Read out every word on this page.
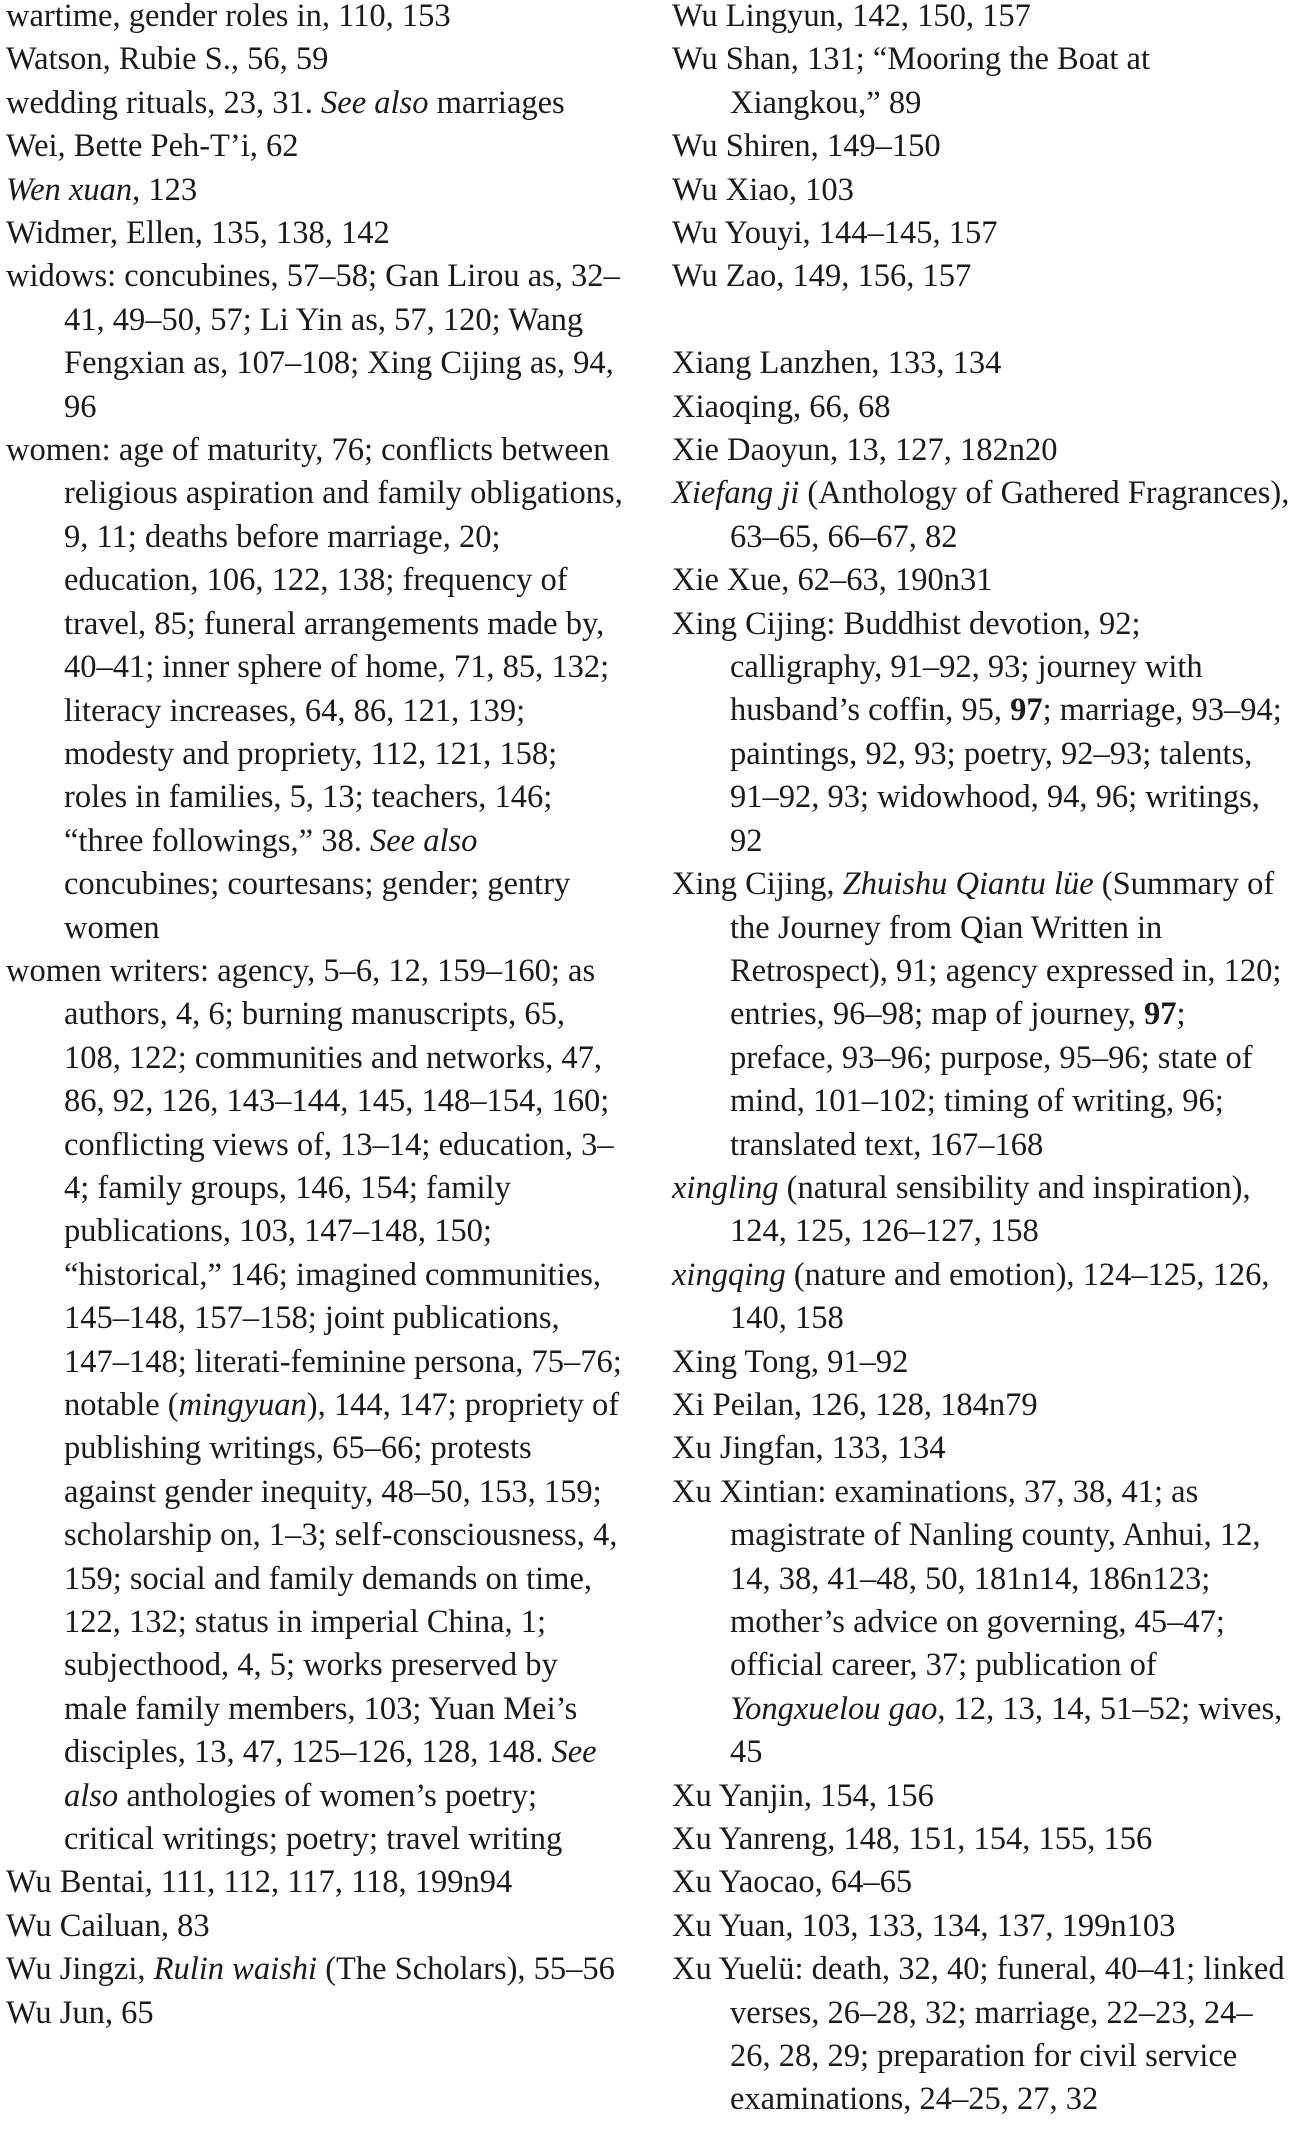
wartime, gender roles in, 110, 153

Watson, Rubie S., 56, 59

wedding rituals, 23, 31. See also marriages

Wei, Bette Peh-T’i, 62

Wen xuan, 123

Widmer, Ellen, 135, 138, 142

widows: concubines, 57–58; Gan Lirou as, 32–41, 49–50, 57; Li Yin as, 57, 120; Wang Fengxian as, 107–108; Xing Cijing as, 94, 96

women: age of maturity, 76; conflicts between religious aspiration and family obligations, 9, 11; deaths before marriage, 20; education, 106, 122, 138; frequency of travel, 85; funeral arrangements made by, 40–41; inner sphere of home, 71, 85, 132; literacy increases, 64, 86, 121, 139; modesty and propriety, 112, 121, 158; roles in families, 5, 13; teachers, 146; “three followings,” 38. See also concubines; courtesans; gender; gentry women

women writers: agency, 5–6, 12, 159–160; as authors, 4, 6; burning manuscripts, 65, 108, 122; communities and networks, 47, 86, 92, 126, 143–144, 145, 148–154, 160; conflicting views of, 13–14; education, 3–4; family groups, 146, 154; family publications, 103, 147–148, 150; “historical,” 146; imagined communities, 145–148, 157–158; joint publications, 147–148; literati-feminine persona, 75–76; notable (mingyuan), 144, 147; propriety of publishing writings, 65–66; protests against gender inequity, 48–50, 153, 159; scholarship on, 1–3; self-consciousness, 4, 159; social and family demands on time, 122, 132; status in imperial China, 1; subjecthood, 4, 5; works preserved by male family members, 103; Yuan Mei’s disciples, 13, 47, 125–126, 128, 148. See also anthologies of women’s poetry; critical writings; poetry; travel writing

Wu Bentai, 111, 112, 117, 118, 199n94

Wu Cailuan, 83

Wu Jingzi, Rulin waishi (The Scholars), 55–56

Wu Jun, 65

Wu Lingyun, 142, 150, 157

Wu Shan, 131; “Mooring the Boat at Xiangkou,” 89

Wu Shiren, 149–150

Wu Xiao, 103

Wu Youyi, 144–145, 157

Wu Zao, 149, 156, 157

Xiang Lanzhen, 133, 134

Xiaoqing, 66, 68

Xie Daoyun, 13, 127, 182n20

Xiefang ji (Anthology of Gathered Fragrances), 63–65, 66–67, 82

Xie Xue, 62–63, 190n31

Xing Cijing: Buddhist devotion, 92; calligraphy, 91–92, 93; journey with husband’s coffin, 95, 97; marriage, 93–94; paintings, 92, 93; poetry, 92–93; talents, 91–92, 93; widowhood, 94, 96; writings, 92

Xing Cijing, Zhuishu Qiantu lüe (Summary of the Journey from Qian Written in Retrospect), 91; agency expressed in, 120; entries, 96–98; map of journey, 97; preface, 93–96; purpose, 95–96; state of mind, 101–102; timing of writing, 96; translated text, 167–168

xingling (natural sensibility and inspiration), 124, 125, 126–127, 158

xingqing (nature and emotion), 124–125, 126, 140, 158

Xing Tong, 91–92

Xi Peilan, 126, 128, 184n79

Xu Jingfan, 133, 134

Xu Xintian: examinations, 37, 38, 41; as magistrate of Nanling county, Anhui, 12, 14, 38, 41–48, 50, 181n14, 186n123; mother’s advice on governing, 45–47; official career, 37; publication of Yongxuelou gao, 12, 13, 14, 51–52; wives, 45

Xu Yanjin, 154, 156

Xu Yanreng, 148, 151, 154, 155, 156

Xu Yaocao, 64–65

Xu Yuan, 103, 133, 134, 137, 199n103

Xu Yuelü: death, 32, 40; funeral, 40–41; linked verses, 26–28, 32; marriage, 22–23, 24–26, 28, 29; preparation for civil service examinations, 24–25, 27, 32
